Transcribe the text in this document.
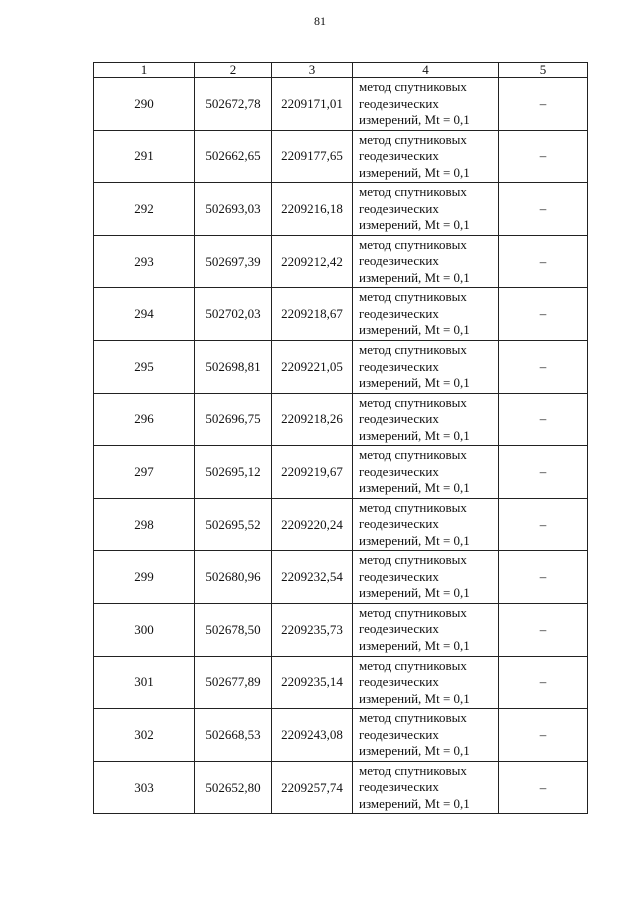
81
1	2	3	4	5
290	502672,78	2209171,01	метод спутниковых
геодезических
измерений, Mt = 0,1	–
291	502662,65	2209177,65	метод спутниковых
геодезических
измерений, Mt = 0,1	–
292	502693,03	2209216,18	метод спутниковых
геодезических
измерений, Mt = 0,1	–
293	502697,39	2209212,42	метод спутниковых
геодезических
измерений, Mt = 0,1	–
294	502702,03	2209218,67	метод спутниковых
геодезических
измерений, Mt = 0,1	–
295	502698,81	2209221,05	метод спутниковых
геодезических
измерений, Mt = 0,1	–
296	502696,75	2209218,26	метод спутниковых
геодезических
измерений, Mt = 0,1	–
297	502695,12	2209219,67	метод спутниковых
геодезических
измерений, Mt = 0,1	–
298	502695,52	2209220,24	метод спутниковых
геодезических
измерений, Mt = 0,1	–
299	502680,96	2209232,54	метод спутниковых
геодезических
измерений, Mt = 0,1	–
300	502678,50	2209235,73	метод спутниковых
геодезических
измерений, Mt = 0,1	–
301	502677,89	2209235,14	метод спутниковых
геодезических
измерений, Mt = 0,1	–
302	502668,53	2209243,08	метод спутниковых
геодезических
измерений, Mt = 0,1	–
303	502652,80	2209257,74	метод спутниковых
геодезических
измерений, Mt = 0,1	–
